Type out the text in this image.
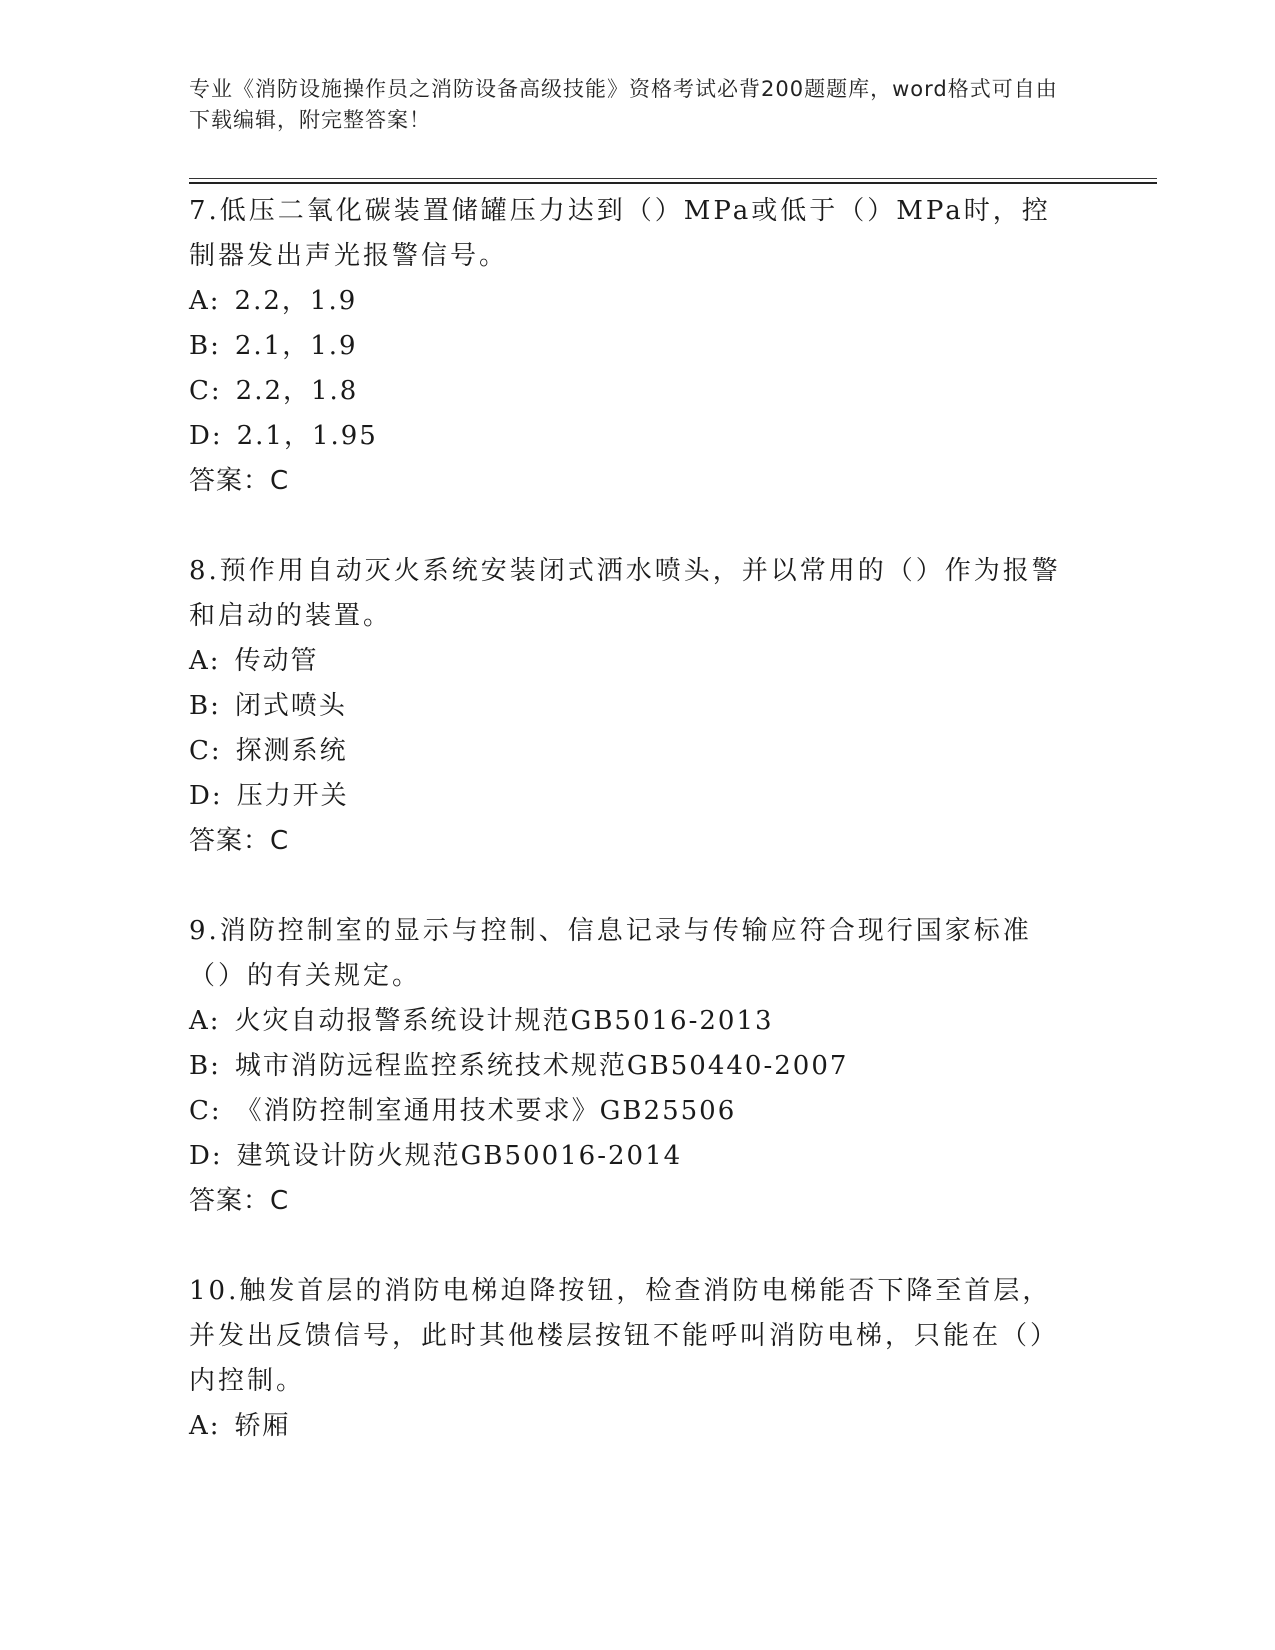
专业《消防设施操作员之消防设备高级技能》资格考试必背200题题库，word格式可自由下载编辑，附完整答案！

7.低压二氧化碳装置储罐压力达到（）MPa或低于（）MPa时，控制器发出声光报警信号。

A: 2.2，1.9

B: 2.1，1.9

C: 2.2，1.8

D: 2.1，1.95

答案：C

8.预作用自动灭火系统安装闭式洒水喷头，并以常用的（）作为报警和启动的装置。

A: 传动管

B: 闭式喷头

C: 探测系统

D: 压力开关

答案：C

9.消防控制室的显示与控制、信息记录与传输应符合现行国家标准（）的有关规定。

A: 火灾自动报警系统设计规范GB5016-2013

B: 城市消防远程监控系统技术规范GB50440-2007

C: 《消防控制室通用技术要求》GB25506

D: 建筑设计防火规范GB50016-2014

答案：C

10.触发首层的消防电梯迫降按钮，检查消防电梯能否下降至首层，并发出反馈信号，此时其他楼层按钮不能呼叫消防电梯，只能在（）内控制。

A: 轿厢
